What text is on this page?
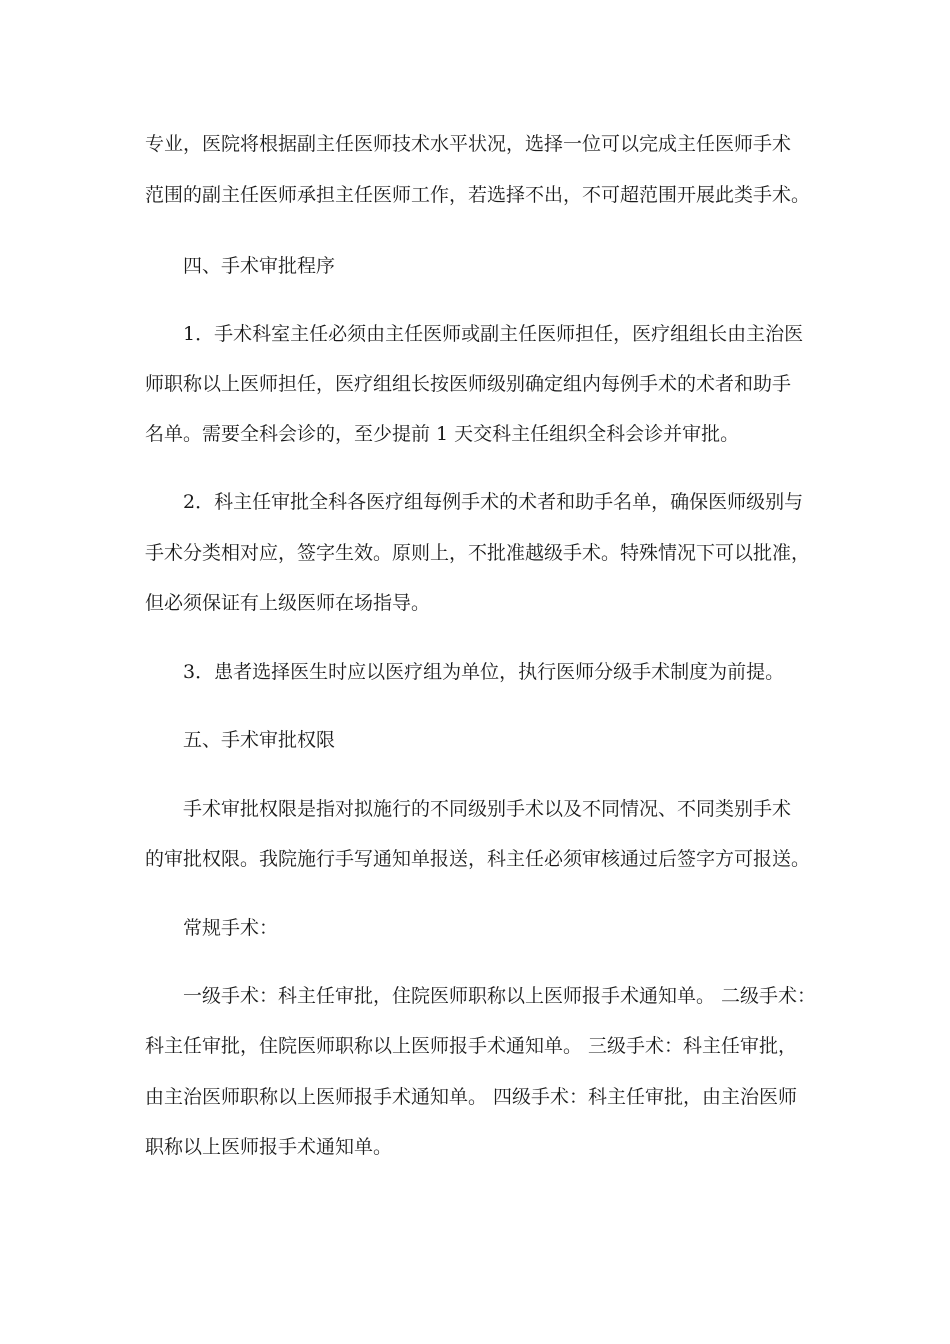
专业，医院将根据副主任医师技术水平状况，选择一位可以完成主任医师手术
范围的副主任医师承担主任医师工作，若选择不出，不可超范围开展此类手术。
四、手术审批程序
1．手术科室主任必须由主任医师或副主任医师担任，医疗组组长由主治医
师职称以上医师担任，医疗组组长按医师级别确定组内每例手术的术者和助手
名单。需要全科会诊的，至少提前 1 天交科主任组织全科会诊并审批。
2．科主任审批全科各医疗组每例手术的术者和助手名单，确保医师级别与
手术分类相对应，签字生效。原则上，不批准越级手术。特殊情况下可以批准，
但必须保证有上级医师在场指导。
3．患者选择医生时应以医疗组为单位，执行医师分级手术制度为前提。
五、手术审批权限
手术审批权限是指对拟施行的不同级别手术以及不同情况、不同类别手术
的审批权限。我院施行手写通知单报送，科主任必须审核通过后签字方可报送。
常规手术：
一级手术：科主任审批，住院医师职称以上医师报手术通知单。 二级手术：
科主任审批，住院医师职称以上医师报手术通知单。 三级手术：科主任审批，
由主治医师职称以上医师报手术通知单。 四级手术：科主任审批，由主治医师
职称以上医师报手术通知单。
